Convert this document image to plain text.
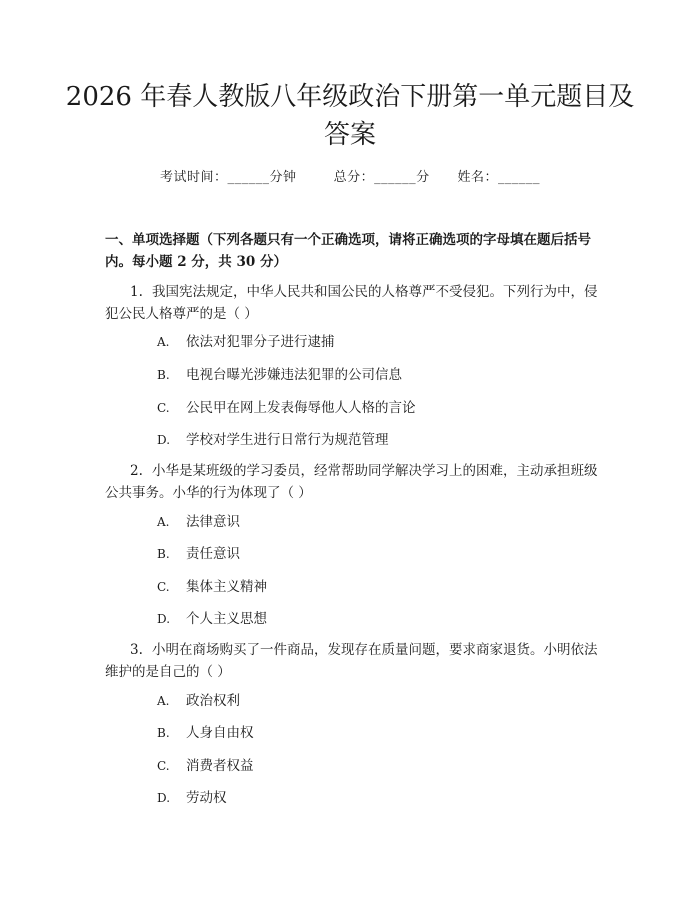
2026 年春人教版八年级政治下册第一单元题目及答案
考试时间：______分钟	总分：______分 姓名：______
一、单项选择题（下列各题只有一个正确选项，请将正确选项的字母填在题后括号内。每小题 2 分，共 30 分）
1. 我国宪法规定，中华人民共和国公民的人格尊严不受侵犯。下列行为中，侵犯公民人格尊严的是（ ）
A. 依法对犯罪分子进行逮捕
B. 电视台曝光涉嫌违法犯罪的公司信息
C. 公民甲在网上发表侮辱他人人格的言论
D. 学校对学生进行日常行为规范管理
2. 小华是某班级的学习委员，经常帮助同学解决学习上的困难，主动承担班级公共事务。小华的行为体现了（ ）
A. 法律意识
B. 责任意识
C. 集体主义精神
D. 个人主义思想
3. 小明在商场购买了一件商品，发现存在质量问题，要求商家退货。小明依法维护的是自己的（ ）
A. 政治权利
B. 人身自由权
C. 消费者权益
D. 劳动权
